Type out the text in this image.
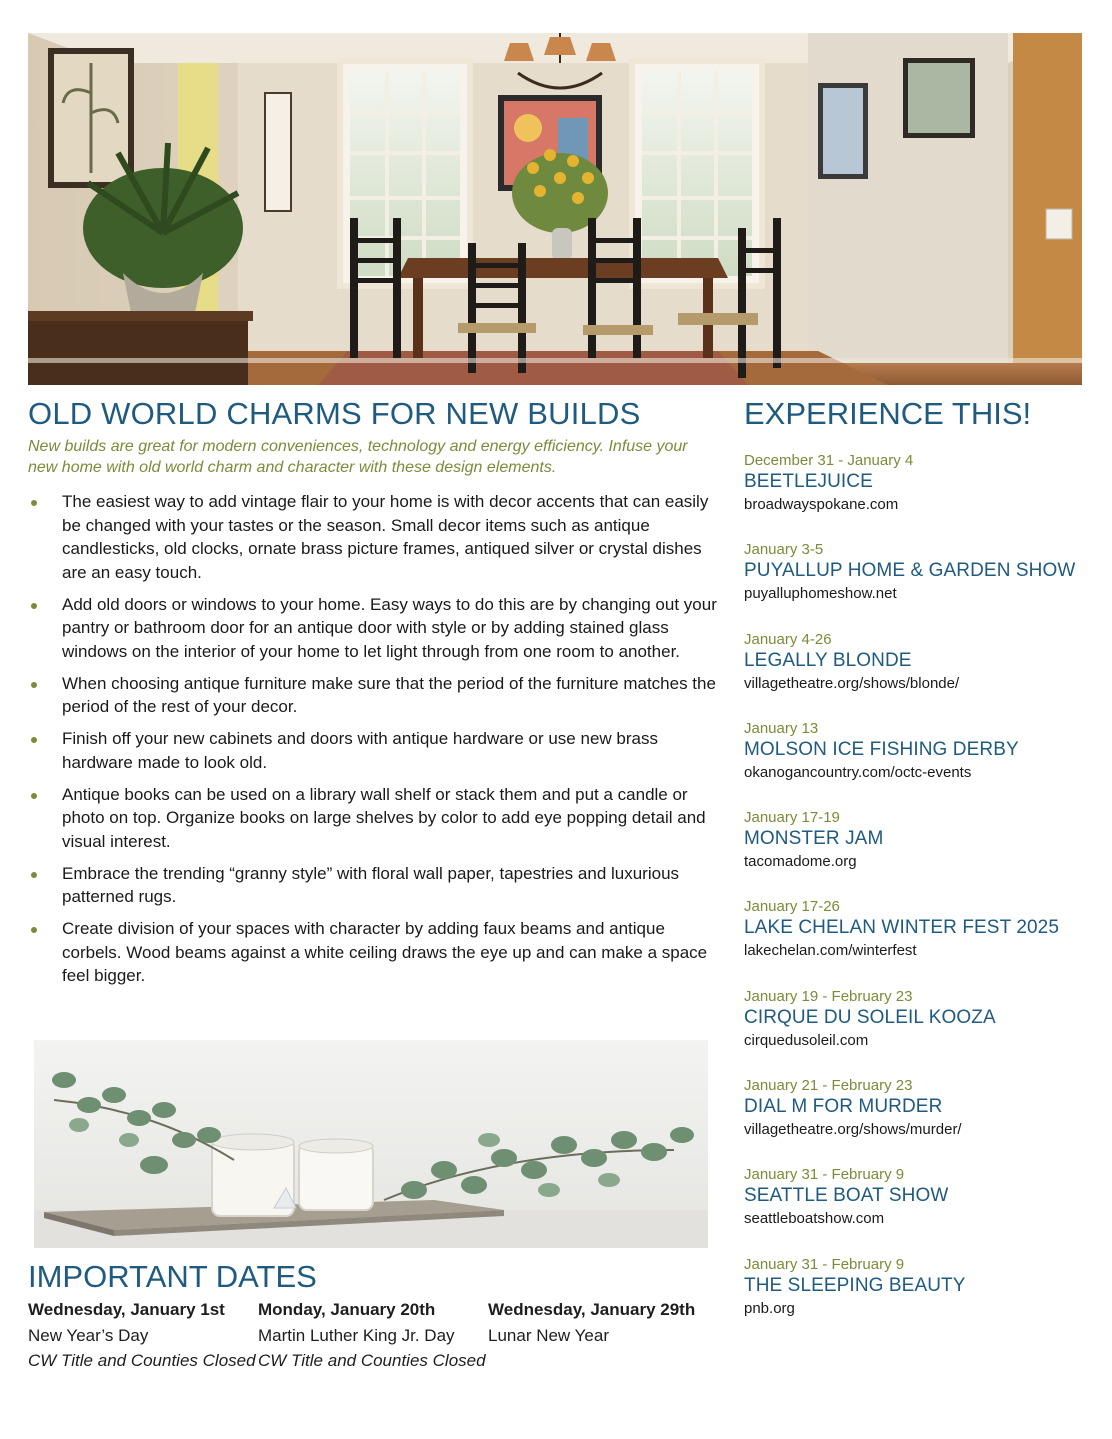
OLD WORLD CHARMS FOR NEW BUILDS

New builds are great for modern conveniences, technology and energy efficiency. Infuse your new home with old world charm and character with these design elements.

The easiest way to add vintage flair to your home is with decor accents that can easily be changed with your tastes or the season. Small decor items such as antique candlesticks, old clocks, ornate brass picture frames, antiqued silver or crystal dishes are an easy touch.
Add old doors or windows to your home. Easy ways to do this are by changing out your pantry or bathroom door for an antique door with style or by adding stained glass windows on the interior of your home to let light through from one room to another.
When choosing antique furniture make sure that the period of the furniture matches the period of the rest of your decor.
Finish off your new cabinets and doors with antique hardware or use new brass hardware made to look old.
Antique books can be used on a library wall shelf or stack them and put a candle or photo on top. Organize books on large shelves by color to add eye popping detail and visual interest.
Embrace the trending “granny style” with floral wall paper, tapestries and luxurious patterned rugs.
Create division of your spaces with character by adding faux beams and antique corbels. Wood beams against a white ceiling draws the eye up and can make a space feel bigger.
IMPORTANT DATES
Wednesday, January 1st
New Year’s Day
CW Title and Counties Closed
Monday, January 20th
Martin Luther King Jr. Day
CW Title and Counties Closed
Wednesday, January 29th
Lunar New Year
EXPERIENCE THIS!
December 31 - January 4
BEETLEJUICE
broadwayspokane.com
January 3-5
PUYALLUP HOME & GARDEN SHOW
puyalluphomeshow.net
January 4-26
LEGALLY BLONDE
villagetheatre.org/shows/blonde/
January 13
MOLSON ICE FISHING DERBY
okanogancountry.com/octc-events
January 17-19
MONSTER JAM
tacomadome.org
January 17-26
LAKE CHELAN WINTER FEST 2025
lakechelan.com/winterfest
January 19 - February 23
CIRQUE DU SOLEIL KOOZA
cirquedusoleil.com
January 21 - February 23
DIAL M FOR MURDER
villagetheatre.org/shows/murder/
January 31 - February 9
SEATTLE BOAT SHOW
seattleboatshow.com
January 31 - February 9
THE SLEEPING BEAUTY
pnb.org
